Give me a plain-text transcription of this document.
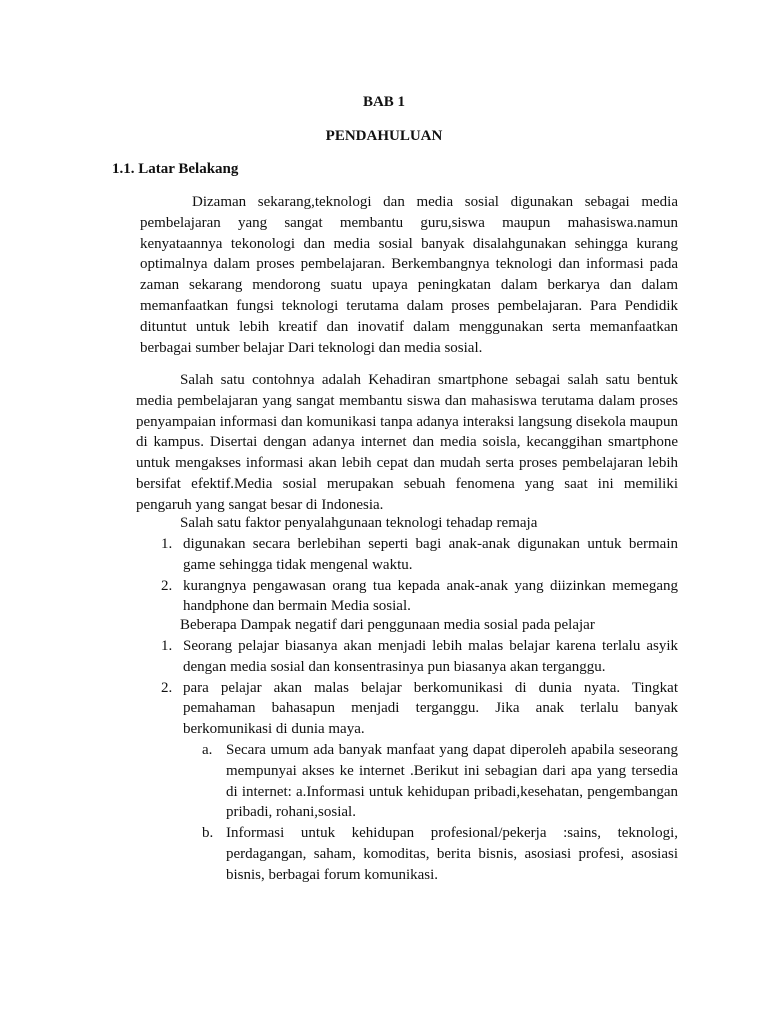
BAB 1
PENDAHULUAN
1.1. Latar Belakang

Dizaman sekarang,teknologi dan media sosial digunakan sebagai media pembelajaran yang sangat membantu guru,siswa maupun mahasiswa.namun kenyataannya tekonologi dan media sosial banyak disalahgunakan sehingga kurang optimalnya dalam proses pembelajaran. Berkembangnya teknologi dan informasi pada zaman sekarang mendorong suatu upaya peningkatan dalam berkarya dan dalam memanfaatkan fungsi teknologi terutama dalam proses pembelajaran. Para Pendidik dituntut untuk lebih kreatif dan inovatif dalam menggunakan serta memanfaatkan berbagai sumber belajar Dari teknologi dan media sosial.

Salah satu contohnya adalah Kehadiran smartphone sebagai salah satu bentuk media pembelajaran yang sangat membantu siswa dan mahasiswa terutama dalam proses penyampaian informasi dan komunikasi tanpa adanya interaksi langsung disekola maupun di kampus. Disertai dengan adanya internet dan media soisla, kecanggihan smartphone untuk mengakses informasi akan lebih cepat dan mudah serta proses pembelajaran lebih bersifat efektif.Media sosial merupakan sebuah fenomena yang saat ini memiliki pengaruh yang sangat besar di Indonesia.

Salah satu faktor penyalahgunaan teknologi tehadap remaja

1. digunakan secara berlebihan seperti bagi anak-anak digunakan untuk bermain game sehingga tidak mengenal waktu.
2. kurangnya pengawasan orang tua kepada anak-anak yang diizinkan memegang handphone dan bermain Media sosial.

Beberapa Dampak negatif dari penggunaan media sosial pada pelajar

1. Seorang pelajar biasanya akan menjadi lebih malas belajar karena terlalu asyik dengan media sosial dan konsentrasinya pun biasanya akan terganggu.
2. para pelajar akan malas belajar berkomunikasi di dunia nyata. Tingkat pemahaman bahasapun menjadi terganggu. Jika anak terlalu banyak berkomunikasi di dunia maya.
a. Secara umum ada banyak manfaat yang dapat diperoleh apabila seseorang mempunyai akses ke internet .Berikut ini sebagian dari apa yang tersedia di internet: a.Informasi untuk kehidupan pribadi,kesehatan, pengembangan pribadi, rohani,sosial.
b. Informasi untuk kehidupan profesional/pekerja :sains, teknologi, perdagangan, saham, komoditas, berita bisnis, asosiasi profesi, asosiasi bisnis, berbagai forum komunikasi.
